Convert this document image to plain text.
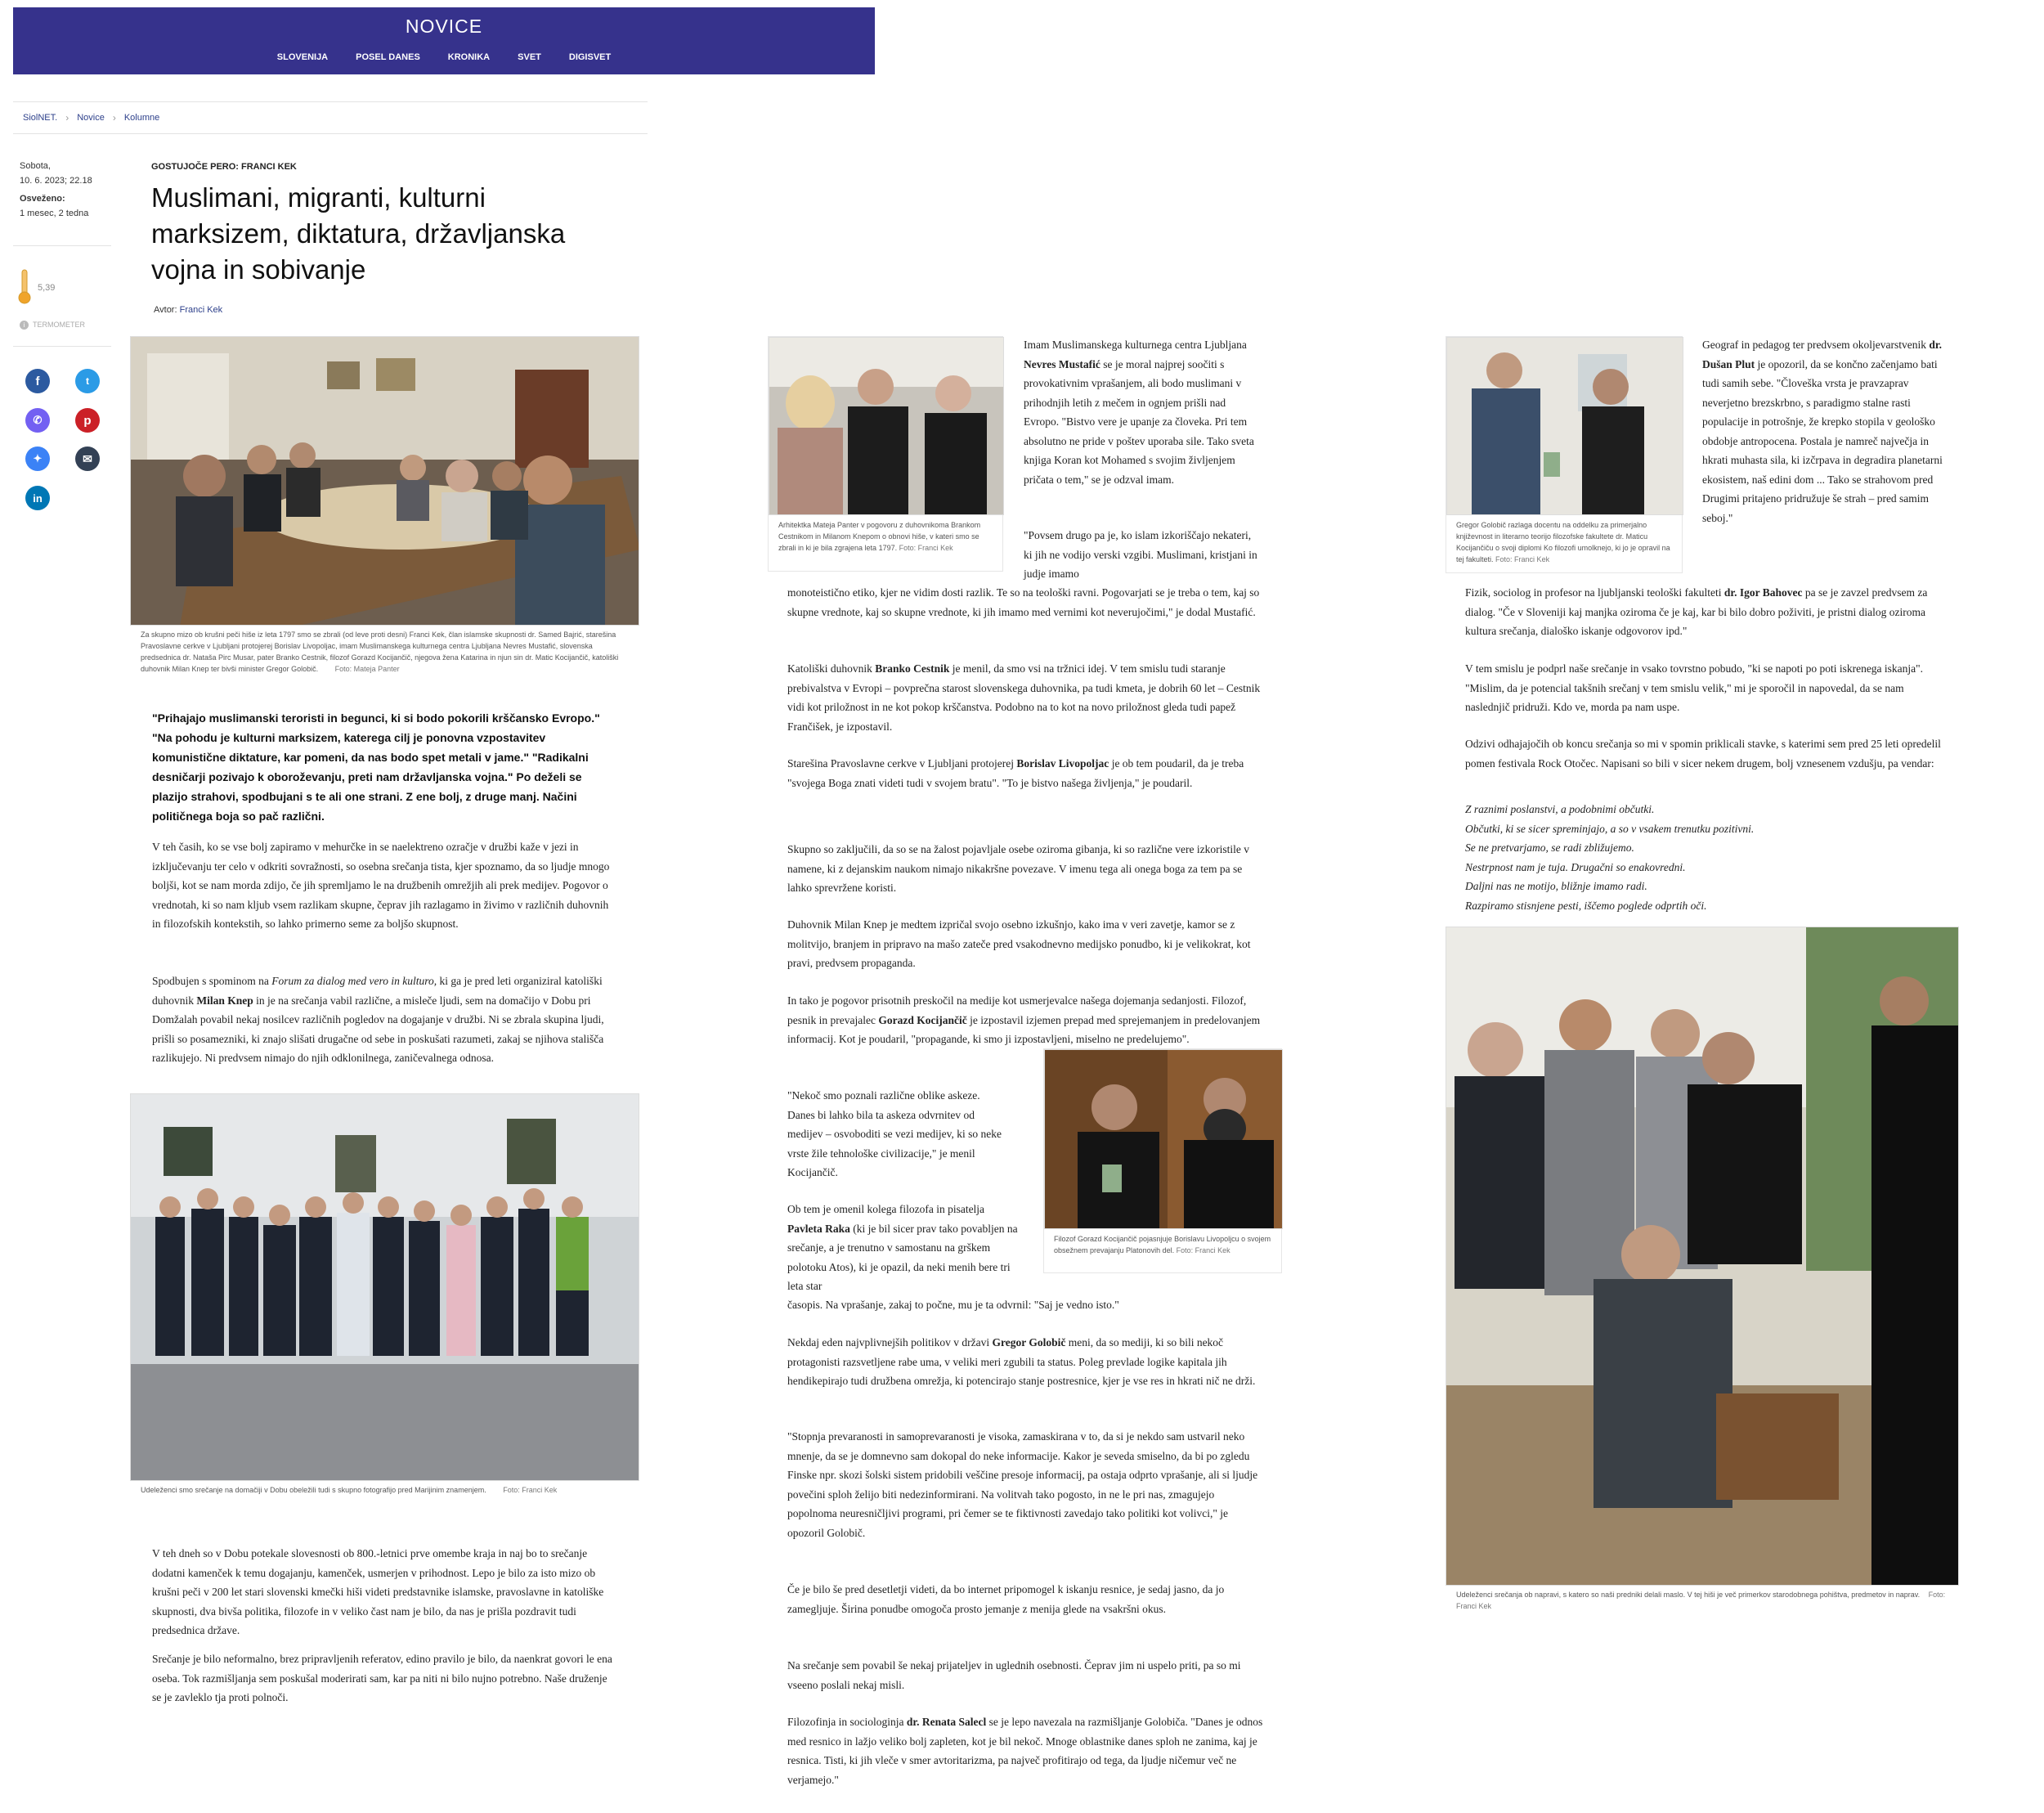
NOVICE
SLOVENIJA	POSEL DANES	KRONIKA	SVET	DIGISVET
SiolNET. › Novice › Kolumne
Sobota,
10. 6. 2023; 22.18
Osveženo:
1 mesec, 2 tedna
5,39
i	TERMOMETER
f	t
✆	p
✦	✉
in
GOSTUJOČE PERO: FRANCI KEK
Muslimani, migranti, kulturni marksizem, diktatura, državljanska vojna in sobivanje
Avtor: Franci Kek
Za skupno mizo ob krušni peči hiše iz leta 1797 smo se zbrali (od leve proti desni) Franci Kek, član islamske skupnosti dr. Samed Bajrić, starešina Pravoslavne cerkve v Ljubljani protojerej Borislav Livopoljac, imam Muslimanskega kulturnega centra Ljubljana Nevres Mustafić, slovenska predsednica dr. Nataša Pirc Musar, pater Branko Cestnik, filozof Gorazd Kocijančič, njegova žena Katarina in njun sin dr. Matic Kocijančič, katoliški duhovnik Milan Knep ter bivši minister Gregor Golobič. Foto: Mateja Panter
"Prihajajo muslimanski teroristi in begunci, ki si bodo pokorili krščansko Evropo." "Na pohodu je kulturni marksizem, katerega cilj je ponovna vzpostavitev komunistične diktature, kar pomeni, da nas bodo spet metali v jame." "Radikalni desničarji pozivajo k oboroževanju, preti nam državljanska vojna." Po deželi se plazijo strahovi, spodbujani s te ali one strani. Z ene bolj, z druge manj. Načini političnega boja so pač različni.
V teh časih, ko se vse bolj zapiramo v mehurčke in se naelektreno ozračje v družbi kaže v jezi in izključevanju ter celo v odkriti sovražnosti, so osebna srečanja tista, kjer spoznamo, da so ljudje mnogo boljši, kot se nam morda zdijo, če jih spremljamo le na družbenih omrežjih ali prek medijev. Pogovor o vrednotah, ki so nam kljub vsem razlikam skupne, čeprav jih razlagamo in živimo v različnih duhovnih in filozofskih kontekstih, so lahko primerno seme za boljšo skupnost.
Spodbujen s spominom na Forum za dialog med vero in kulturo, ki ga je pred leti organiziral katoliški duhovnik Milan Knep in je na srečanja vabil različne, a misleče ljudi, sem na domačijo v Dobu pri Domžalah povabil nekaj nosilcev različnih pogledov na dogajanje v družbi. Ni se zbrala skupina ljudi, prišli so posamezniki, ki znajo slišati drugačne od sebe in poskušati razumeti, zakaj se njihova stališča razlikujejo. Ni predvsem nimajo do njih odklonilnega, zaničevalnega odnosa.
Udeleženci smo srečanje na domačiji v Dobu obeležili tudi s skupno fotografijo pred Marijinim znamenjem. Foto: Franci Kek
V teh dneh so v Dobu potekale slovesnosti ob 800.-letnici prve omembe kraja in naj bo to srečanje dodatni kamenček k temu dogajanju, kamenček, usmerjen v prihodnost. Lepo je bilo za isto mizo ob krušni peči v 200 let stari slovenski kmečki hiši videti predstavnike islamske, pravoslavne in katoliške skupnosti, dva bivša politika, filozofe in v veliko čast nam je bilo, da nas je prišla pozdravit tudi predsednica države.
Srečanje je bilo neformalno, brez pripravljenih referatov, edino pravilo je bilo, da naenkrat govori le ena oseba. Tok razmišljanja sem poskušal moderirati sam, kar pa niti ni bilo nujno potrebno. Naše druženje se je zavleklo tja proti polnoči.
Arhitektka Mateja Panter v pogovoru z duhovnikoma Brankom Cestnikom in Milanom Knepom o obnovi hiše, v kateri smo se zbrali in ki je bila zgrajena leta 1797. Foto: Franci Kek
Imam Muslimanskega kulturnega centra Ljubljana Nevres Mustafić se je moral najprej soočiti s provokativnim vprašanjem, ali bodo muslimani v prihodnjih letih z mečem in ognjem prišli nad Evropo. "Bistvo vere je upanje za človeka. Pri tem absolutno ne pride v poštev uporaba sile. Tako sveta knjiga Koran kot Mohamed s svojim življenjem pričata o tem," se je odzval imam.
"Povsem drugo pa je, ko islam izkoriščajo nekateri, ki jih ne vodijo verski vzgibi. Muslimani, kristjani in judje imamo
monoteistično etiko, kjer ne vidim dosti razlik. Te so na teološki ravni. Pogovarjati se je treba o tem, kaj so skupne vrednote, kaj so skupne vrednote, ki jih imamo med vernimi kot neverujočimi," je dodal Mustafić.
Katoliški duhovnik Branko Cestnik je menil, da smo vsi na tržnici idej. V tem smislu tudi staranje prebivalstva v Evropi – povprečna starost slovenskega duhovnika, pa tudi kmeta, je dobrih 60 let – Cestnik vidi kot priložnost in ne kot pokop krščanstva. Podobno na to kot na novo priložnost gleda tudi papež Frančišek, je izpostavil.
Starešina Pravoslavne cerkve v Ljubljani protojerej Borislav Livopoljac je ob tem poudaril, da je treba "svojega Boga znati videti tudi v svojem bratu". "To je bistvo našega življenja," je poudaril.
Skupno so zaključili, da so se na žalost pojavljale osebe oziroma gibanja, ki so različne vere izkoristile v namene, ki z dejanskim naukom nimajo nikakršne povezave. V imenu tega ali onega boga za tem pa se lahko sprevržene koristi.
Duhovnik Milan Knep je medtem izpričal svojo osebno izkušnjo, kako ima v veri zavetje, kamor se z molitvijo, branjem in pripravo na mašo zateče pred vsakodnevno medijsko ponudbo, ki je velikokrat, kot pravi, predvsem propaganda.
In tako je pogovor prisotnih preskočil na medije kot usmerjevalce našega dojemanja sedanjosti. Filozof, pesnik in prevajalec Gorazd Kocijančič je izpostavil izjemen prepad med sprejemanjem in predelovanjem informacij. Kot je poudaril, "propagande, ki smo ji izpostavljeni, miselno ne predelujemo".
"Nekoč smo poznali različne oblike askeze. Danes bi lahko bila ta askeza odvrnitev od medijev – osvoboditi se vezi medijev, ki so neke vrste žile tehnološke civilizacije," je menil Kocijančič.
Filozof Gorazd Kocijančič pojasnjuje Borislavu Livopoljcu o svojem obsežnem prevajanju Platonovih del. Foto: Franci Kek
Ob tem je omenil kolega filozofa in pisatelja Pavleta Raka (ki je bil sicer prav tako povabljen na srečanje, a je trenutno v samostanu na grškem polotoku Atos), ki je opazil, da neki menih bere tri leta star
časopis. Na vprašanje, zakaj to počne, mu je ta odvrnil: "Saj je vedno isto."
Nekdaj eden najvplivnejših politikov v državi Gregor Golobič meni, da so mediji, ki so bili nekoč protagonisti razsvetljene rabe uma, v veliki meri zgubili ta status. Poleg prevlade logike kapitala jih hendikepirajo tudi družbena omrežja, ki potencirajo stanje postresnice, kjer je vse res in hkrati nič ne drži.
"Stopnja prevaranosti in samoprevaranosti je visoka, zamaskirana v to, da si je nekdo sam ustvaril neko mnenje, da se je domnevno sam dokopal do neke informacije. Kakor je seveda smiselno, da bi po zgledu Finske npr. skozi šolski sistem pridobili veščine presoje informacij, pa ostaja odprto vprašanje, ali si ljudje povečini sploh želijo biti nedezinformirani. Na volitvah tako pogosto, in ne le pri nas, zmagujejo popolnoma neuresničljivi programi, pri čemer se te fiktivnosti zavedajo tako politiki kot volivci," je opozoril Golobič.
Če je bilo še pred desetletji videti, da bo internet pripomogel k iskanju resnice, je sedaj jasno, da jo zamegljuje. Širina ponudbe omogoča prosto jemanje z menija glede na vsakršni okus.
Na srečanje sem povabil še nekaj prijateljev in uglednih osebnosti. Čeprav jim ni uspelo priti, pa so mi vseeno poslali nekaj misli.
Filozofinja in sociologinja dr. Renata Salecl se je lepo navezala na razmišljanje Golobiča. "Danes je odnos med resnico in lažjo veliko bolj zapleten, kot je bil nekoč. Mnoge oblastnike danes sploh ne zanima, kaj je resnica. Tisti, ki jih vleče v smer avtoritarizma, pa največ profitirajo od tega, da ljudje ničemur več ne verjamejo."
Gregor Golobič razlaga docentu na oddelku za primerjalno književnost in literarno teorijo filozofske fakultete dr. Maticu Kocijančiču o svoji diplomi Ko filozofi umolknejo, ki jo je opravil na tej fakulteti. Foto: Franci Kek
Geograf in pedagog ter predvsem okoljevarstvenik dr. Dušan Plut je opozoril, da se končno začenjamo bati tudi samih sebe. "Človeška vrsta je pravzaprav neverjetno brezskrbno, s paradigmo stalne rasti populacije in potrošnje, že krepko stopila v geološko obdobje antropocena. Postala je namreč največja in hkrati muhasta sila, ki izčrpava in degradira planetarni ekosistem, naš edini dom ... Tako se strahovom pred Drugimi pritajeno pridružuje še strah – pred samim seboj."
Fizik, sociolog in profesor na ljubljanski teološki fakulteti dr. Igor Bahovec pa se je zavzel predvsem za dialog. "Če v Sloveniji kaj manjka oziroma če je kaj, kar bi bilo dobro poživiti, je pristni dialog oziroma kultura srečanja, dialoško iskanje odgovorov ipd."
V tem smislu je podprl naše srečanje in vsako tovrstno pobudo, "ki se napoti po poti iskrenega iskanja". "Mislim, da je potencial takšnih srečanj v tem smislu velik," mi je sporočil in napovedal, da se nam naslednjič pridruži. Kdo ve, morda pa nam uspe.
Odzivi odhajajočih ob koncu srečanja so mi v spomin priklicali stavke, s katerimi sem pred 25 leti opredelil pomen festivala Rock Otočec. Napisani so bili v sicer nekem drugem, bolj vznesenem vzdušju, pa vendar:
Z raznimi poslanstvi, a podobnimi občutki.
Občutki, ki se sicer spreminjajo, a so v vsakem trenutku pozitivni.
Se ne pretvarjamo, se radi zbližujemo.
Nestrpnost nam je tuja. Drugačni so enakovredni.
Daljni nas ne motijo, bližnje imamo radi.
Razpiramo stisnjene pesti, iščemo poglede odprtih oči.
Udeleženci srečanja ob napravi, s katero so naši predniki delali maslo. V tej hiši je več primerkov starodobnega pohištva, predmetov in naprav. Foto: Franci Kek
